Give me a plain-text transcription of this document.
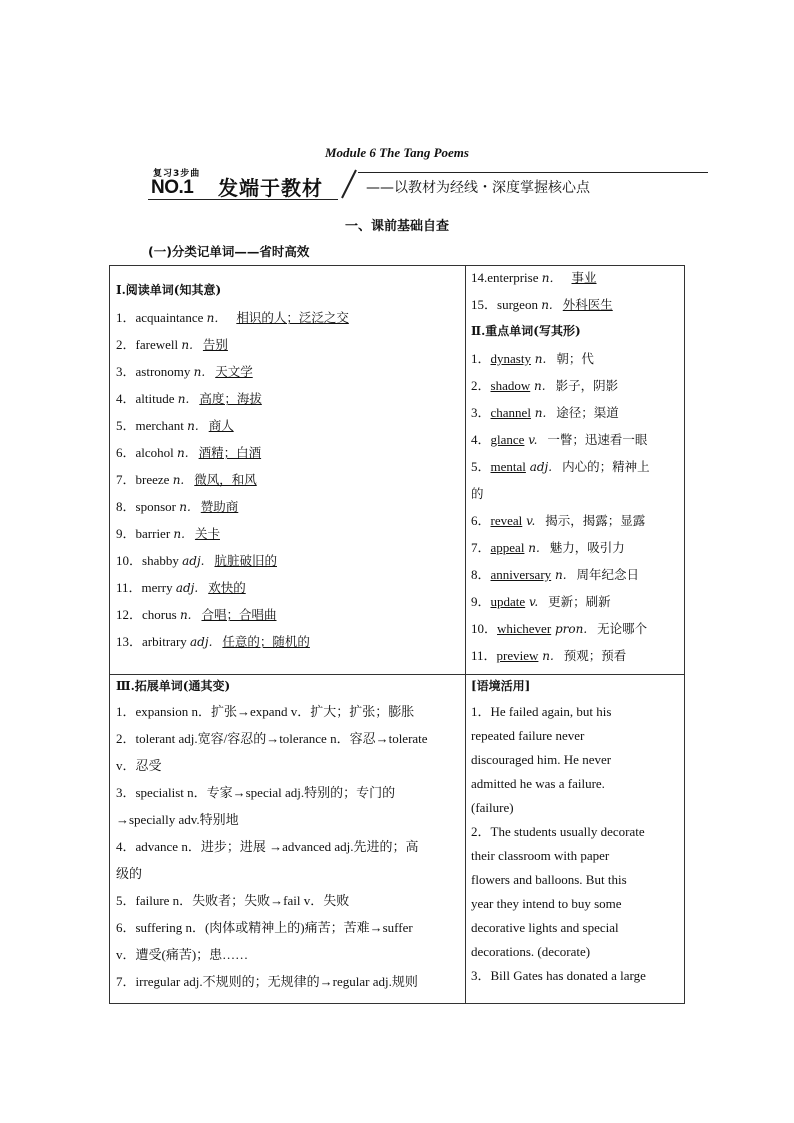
Module 6 The Tang Poems
复习3步曲
NO.1 发端于教材	——以教材为经线・深度掌握核心点
一、课前基础自查
(一)分类记单词——省时高效
Ⅰ.阅读单词(知其意)
1．acquaintance n． 相识的人；泛泛之交
2．farewell n. 告别
3．astronomy n. 天文学
4．altitude n. 高度；海拔
5．merchant n. 商人
6．alcohol n. 酒精；白酒
7．breeze n. 微风，和风
8．sponsor n. 赞助商
9．barrier n. 关卡
10．shabby adj. 肮脏破旧的
11．merry adj. 欢快的
12．chorus n. 合唱；合唱曲
13．arbitrary adj. 任意的；随机的
14.enterprise n． 事业
15．surgeon n. 外科医生
Ⅱ.重点单词(写其形)
1．dynasty n. 朝；代
2．shadow n. 影子，阴影
3．channel n. 途径；渠道
4．glance v. 一瞥；迅速看一眼
5．mental adj. 内心的；精神上
的
6．reveal v. 揭示，揭露；显露
7．appeal n. 魅力，吸引力
8．anniversary n. 周年纪念日
9．update v. 更新；刷新
10．whichever pron. 无论哪个
11．preview n. 预观；预看
Ⅲ.拓展单词(通其变)
1．expansion n．扩张→expand v．扩大；扩张；膨胀
2．tolerant adj.宽容/容忍的→tolerance n．容忍→tolerate
v．忍受
3．specialist n．专家→special adj.特别的；专门的
→specially adv.特别地
4．advance n．进步；进展 →advanced adj.先进的；高
级的
5．failure n．失败者；失败→fail v．失败
6．suffering n．(肉体或精神上的)痛苦；苦难→suffer
v．遭受(痛苦)；患……
7．irregular adj.不规则的；无规律的→regular adj.规则
[语境活用]
1．He failed again, but his
repeated failure never
discouraged him. He never
admitted he was a failure.
(failure)
2．The students usually decorate
their classroom with paper
flowers and balloons. But this
year they intend to buy some
decorative lights and special
decorations. (decorate)
3．Bill Gates has donated a large
